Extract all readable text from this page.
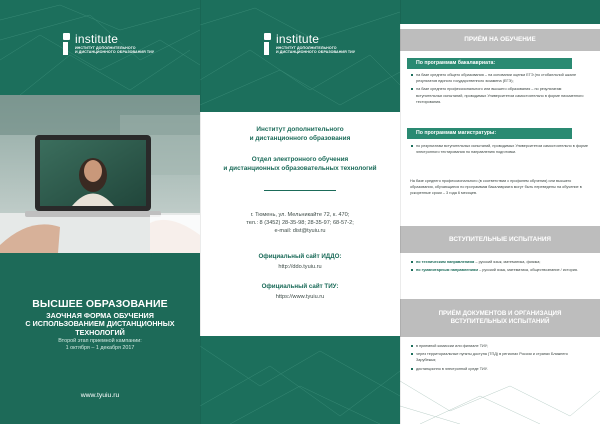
institute
ИНСТИТУТ ДОПОЛНИТЕЛЬНОГО
И ДИСТАНЦИОННОГО ОБРАЗОВАНИЯ ТИУ
ВЫСШЕЕ ОБРАЗОВАНИЕ
ЗАОЧНАЯ ФОРМА ОБУЧЕНИЯ
С ИСПОЛЬЗОВАНИЕМ ДИСТАНЦИОННЫХ ТЕХНОЛОГИЙ
Второй этап приемной кампании:
1 октября – 1 декабря 2017
www.tyuiu.ru
institute
ИНСТИТУТ ДОПОЛНИТЕЛЬНОГО
И ДИСТАНЦИОННОГО ОБРАЗОВАНИЯ ТИУ
Институт дополнительного
и дистанционного образования
Отдел электронного обучения
и дистанционных образовательных технологий
г. Тюмень, ул. Мельникайте 72, к. 470;
тел.: 8 (3452) 28-35-98; 28-35-97; 68-57-2;
e-mail: dist@tyuiu.ru
Официальный сайт ИДДО:
http://ddo.tyuiu.ru
Официальный сайт ТИУ:
https://www.tyuiu.ru
ПРИЁМ НА ОБУЧЕНИЕ
По программам бакалавриата:
на базе среднего общего образования – на основании оценки ЕГЭ (по стобалльной шкале результатов единого государственного экзамена (ЕГЭ);
на базе среднего профессионального или высшего образования – по результатам вступительных испытаний, проводимых Университетом самостоятельно в форме письменного тестирования.
По программам магистратуры:
по результатам вступительных испытаний, проводимых Университетом самостоятельно в форме электронного тестирования по направлению подготовки.

На базе среднего профессионального (в соответствии с профилем обучения) или высшего образования, обучающиеся по программам бакалавриата могут быть переведены на обучение в ускоренные сроки – 3 года 6 месяцев.

ВСТУПИТЕЛЬНЫЕ ИСПЫТАНИЯ
по техническим направлениям – русский язык, математика, физика;
по гуманитарным направлениям – русский язык, математика, обществознание / история.
ПРИЁМ ДОКУМЕНТОВ И ОРГАНИЗАЦИЯ
ВСТУПИТЕЛЬНЫХ ИСПЫТАНИЙ
в приемной комиссии или филиале ТИУ;
через территориальные пункты доступа (ТПД) в регионах России и странах Ближнего Зарубежья;
дистанционно в электронной среде ТИУ.
